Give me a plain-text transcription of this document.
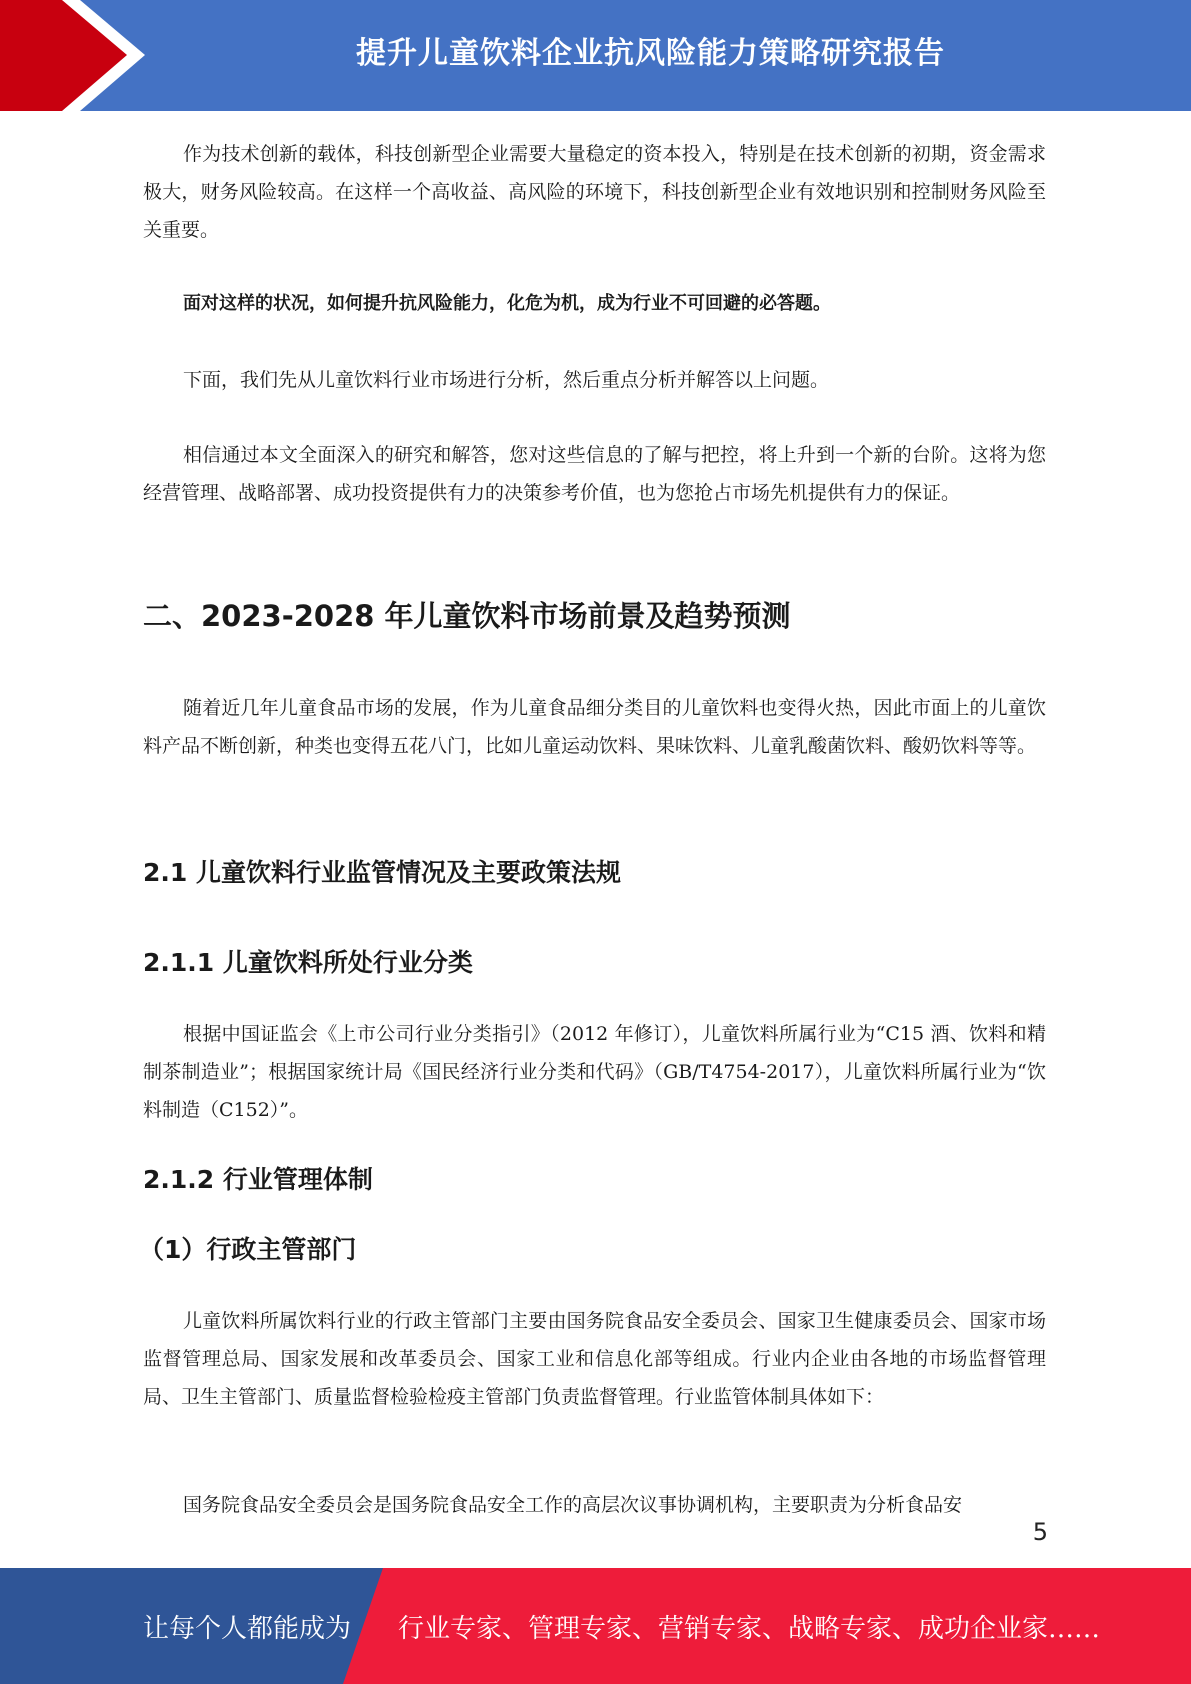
提升儿童饮料企业抗风险能力策略研究报告

作为技术创新的载体，科技创新型企业需要大量稳定的资本投入，特别是在技术创新的初期，资金需求极大，财务风险较高。在这样一个高收益、高风险的环境下，科技创新型企业有效地识别和控制财务风险至关重要。

面对这样的状况，如何提升抗风险能力，化危为机，成为行业不可回避的必答题。

下面，我们先从儿童饮料行业市场进行分析，然后重点分析并解答以上问题。

相信通过本文全面深入的研究和解答，您对这些信息的了解与把控，将上升到一个新的台阶。这将为您经营管理、战略部署、成功投资提供有力的决策参考价值，也为您抢占市场先机提供有力的保证。

二、2023-2028 年儿童饮料市场前景及趋势预测

随着近几年儿童食品市场的发展，作为儿童食品细分类目的儿童饮料也变得火热，因此市面上的儿童饮料产品不断创新，种类也变得五花八门，比如儿童运动饮料、果味饮料、儿童乳酸菌饮料、酸奶饮料等等。

2.1 儿童饮料行业监管情况及主要政策法规
2.1.1 儿童饮料所处行业分类

根据中国证监会《上市公司行业分类指引》（2012 年修订），儿童饮料所属行业为“C15 酒、饮料和精制茶制造业”；根据国家统计局《国民经济行业分类和代码》（GB/T4754-2017），儿童饮料所属行业为“饮料制造（C152）”。

2.1.2 行业管理体制
（1）行政主管部门

儿童饮料所属饮料行业的行政主管部门主要由国务院食品安全委员会、国家卫生健康委员会、国家市场监督管理总局、国家发展和改革委员会、国家工业和信息化部等组成。行业内企业由各地的市场监督管理局、卫生主管部门、质量监督检验检疫主管部门负责监督管理。行业监管体制具体如下：

国务院食品安全委员会是国务院食品安全工作的高层次议事协调机构，主要职责为分析食品安

5
让每个人都能成为 行业专家、管理专家、营销专家、战略专家、成功企业家……
